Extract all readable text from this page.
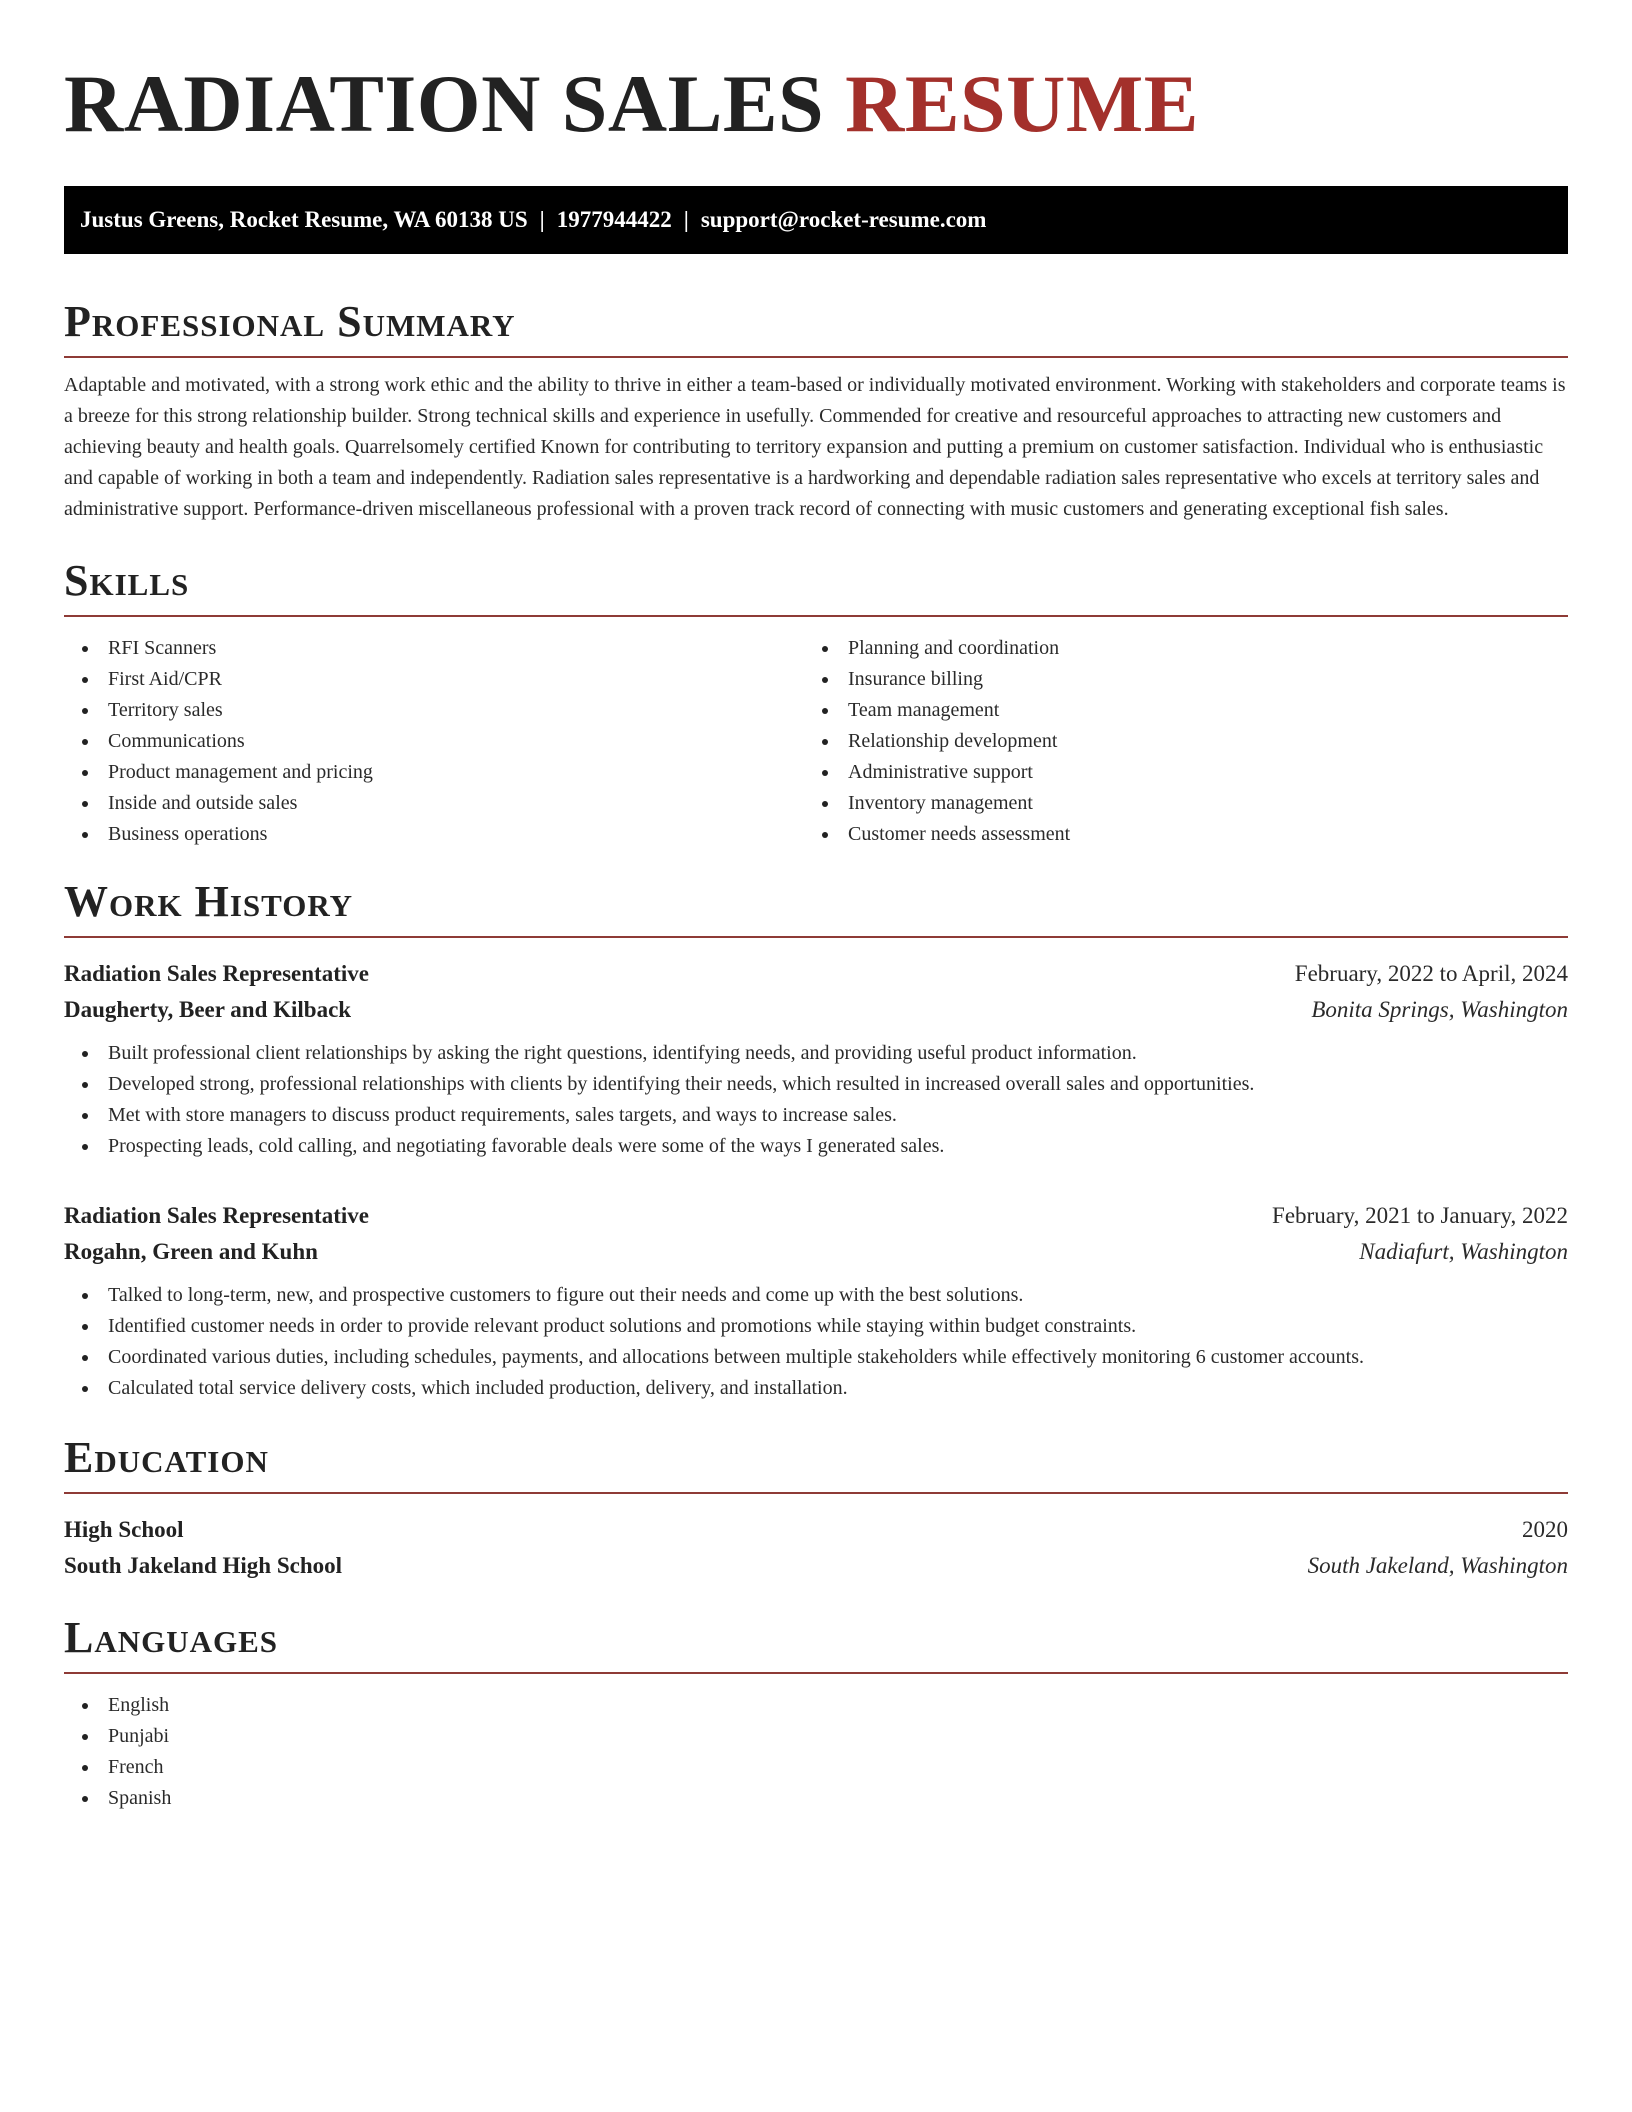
RADIATION SALES RESUME
Justus Greens, Rocket Resume, WA 60138 US | 1977944422 | support@rocket-resume.com
Professional Summary

Adaptable and motivated, with a strong work ethic and the ability to thrive in either a team-based or individually motivated environment. Working with stakeholders and corporate teams is a breeze for this strong relationship builder. Strong technical skills and experience in usefully. Commended for creative and resourceful approaches to attracting new customers and achieving beauty and health goals. Quarrelsomely certified Known for contributing to territory expansion and putting a premium on customer satisfaction. Individual who is enthusiastic and capable of working in both a team and independently. Radiation sales representative is a hardworking and dependable radiation sales representative who excels at territory sales and administrative support. Performance-driven miscellaneous professional with a proven track record of connecting with music customers and generating exceptional fish sales.

Skills
RFI Scanners
First Aid/CPR
Territory sales
Communications
Product management and pricing
Inside and outside sales
Business operations
Planning and coordination
Insurance billing
Team management
Relationship development
Administrative support
Inventory management
Customer needs assessment
Work History
Radiation Sales Representative	February, 2022 to April, 2024
Daugherty, Beer and Kilback	Bonita Springs, Washington
Built professional client relationships by asking the right questions, identifying needs, and providing useful product information.
Developed strong, professional relationships with clients by identifying their needs, which resulted in increased overall sales and opportunities.
Met with store managers to discuss product requirements, sales targets, and ways to increase sales.
Prospecting leads, cold calling, and negotiating favorable deals were some of the ways I generated sales.
Radiation Sales Representative	February, 2021 to January, 2022
Rogahn, Green and Kuhn	Nadiafurt, Washington
Talked to long-term, new, and prospective customers to figure out their needs and come up with the best solutions.
Identified customer needs in order to provide relevant product solutions and promotions while staying within budget constraints.
Coordinated various duties, including schedules, payments, and allocations between multiple stakeholders while effectively monitoring 6 customer accounts.
Calculated total service delivery costs, which included production, delivery, and installation.
Education
High School	2020
South Jakeland High School	South Jakeland, Washington
Languages
English
Punjabi
French
Spanish
